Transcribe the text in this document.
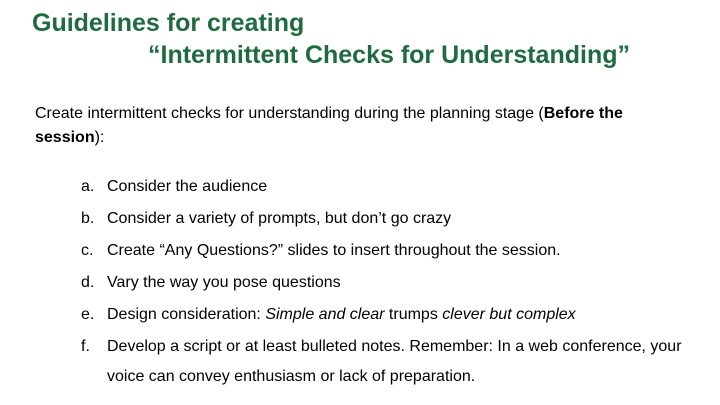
Guidelines for creating
“Intermittent Checks for Understanding”

Create intermittent checks for understanding during the planning stage (Before the session):

a. Consider the audience
b. Consider a variety of prompts, but don’t go crazy
c. Create “Any Questions?” slides to insert throughout the session.
d. Vary the way you pose questions
e. Design consideration: Simple and clear trumps clever but complex
f. Develop a script or at least bulleted notes. Remember: In a web conference, your voice can convey enthusiasm or lack of preparation.
